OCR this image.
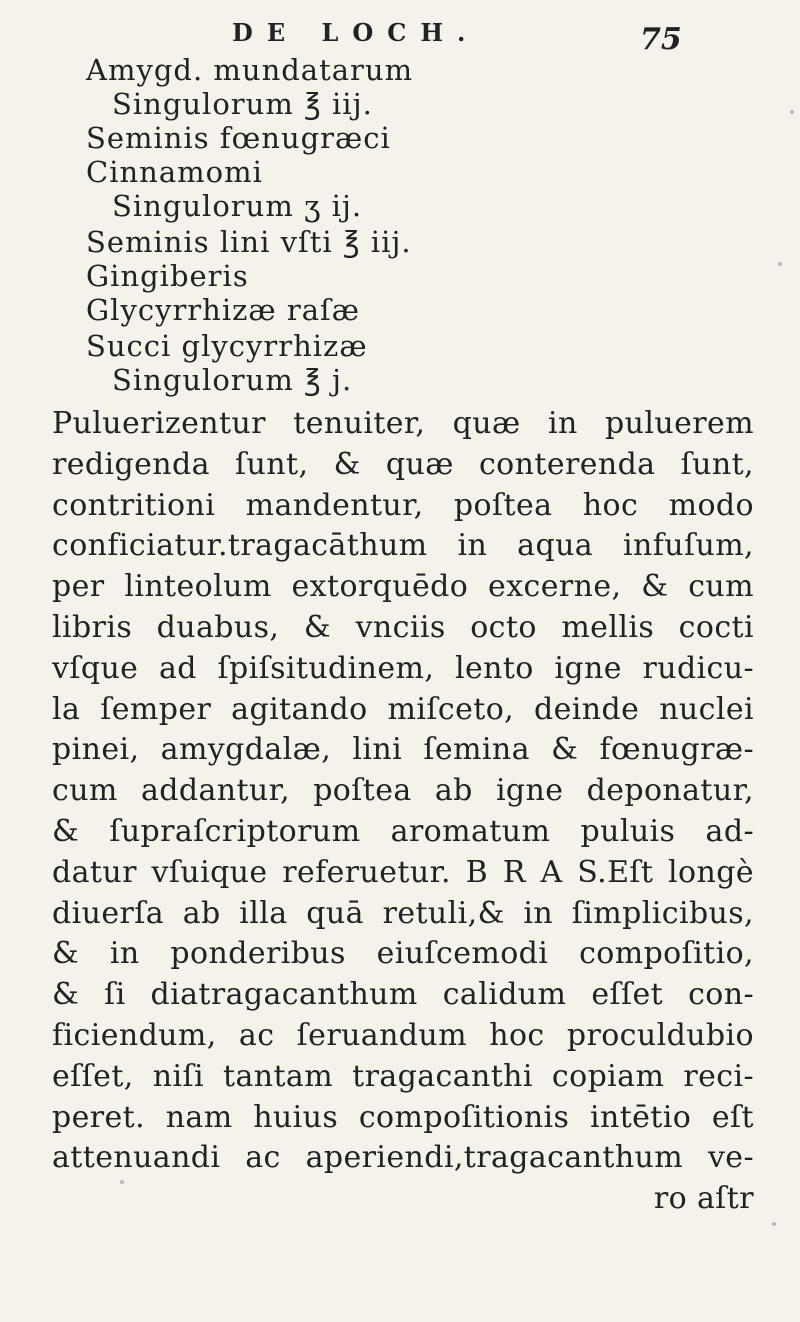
DE LOCH.	75
Amygd. mundatarum
Singulorum ℥ iij.
Seminis fœnugræci
Cinnamomi
Singulorum ʒ ij.
Seminis lini vſti ℥ iij.
Gingiberis
Glycyrrhizæ raſæ
Succi glycyrrhizæ
Singulorum ℥ j.
Puluerizentur tenuiter, quæ in puluerem
redigenda ſunt, & quæ conterenda ſunt,
contritioni mandentur, poſtea hoc modo
conficiatur.tragacāthum in aqua infuſum,
per linteolum extorquēdo excerne, & cum
libris duabus, & vnciis octo mellis cocti
vſque ad ſpiſsitudinem, lento igne rudicu-
la ſemper agitando miſceto, deinde nuclei
pinei, amygdalæ, lini ſemina & fœnugræ-
cum addantur, poſtea ab igne deponatur,
& ſupraſcriptorum aromatum puluis ad-
datur vſuique referuetur. B R A S.Eſt longè
diuerſa ab illa quā retuli,& in ſimplicibus,
& in ponderibus eiuſcemodi compoſitio,
& ſi diatragacanthum calidum eſſet con-
ficiendum, ac ſeruandum hoc proculdubio
eſſet, niſi tantam tragacanthi copiam reci-
peret. nam huius compoſitionis intētio eſt
attenuandi ac aperiendi,tragacanthum ve-
ro aſtr
